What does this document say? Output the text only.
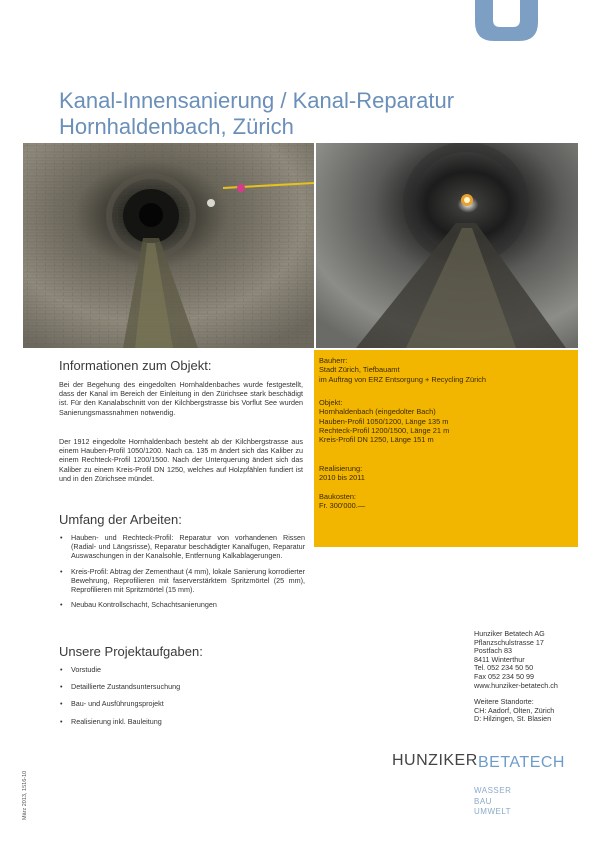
Kanal-Innensanierung / Kanal-Reparatur
Hornhaldenbach, Zürich
Bauherr:
Stadt Zürich, Tiefbauamt
im Auftrag von ERZ Entsorgung + Recycling Zürich
Objekt:
Hornhaldenbach (eingedolter Bach)
Hauben-Profil 1050/1200, Länge 135 m
Rechteck-Profil 1200/1500, Länge 21 m
Kreis-Profil DN 1250, Länge 151 m
Realisierung:
2010 bis 2011
Baukosten:
Fr. 300'000.—
Informationen zum Objekt:

Bei der Begehung des eingedolten Hornhaldenbaches wurde festgestellt, dass der Kanal im Bereich der Einleitung in den Zürichsee stark beschädigt ist. Für den Kanalabschnitt von der Kilchbergstrasse bis Vorflut See wurden Sanierungsmassnahmen notwendig.

Der 1912 eingedolte Hornhaldenbach besteht ab der Kilchbergstrasse aus einem Hauben-Profil 1050/1200. Nach ca. 135 m ändert sich das Kaliber zu einem Rechteck-Profil 1200/1500. Nach der Unterquerung ändert sich das Kaliber zu einem Kreis-Profil DN 1250, welches auf Holzpfählen fundiert ist und in den Zürichsee mündet.

Umfang der Arbeiten:
• Hauben- und Rechteck-Profil: Reparatur von vorhandenen Rissen (Radial- und Längsrisse), Reparatur beschädigter Kanalfugen, Reparatur Auswaschungen in der Kanalsohle, Entfernung Kalkablagerungen.
• Kreis-Profil: Abtrag der Zementhaut (4 mm), lokale Sanierung korrodierter Bewehrung, Reprofilieren mit faserverstärktem Spritzmörtel (25 mm), Reprofilieren mit Spritzmörtel (15 mm).
• Neubau Kontrollschacht, Schachtsanierungen
Unsere Projektaufgaben:
• Vorstudie
• Detaillierte Zustandsuntersuchung
• Bau- und Ausführungsprojekt
• Realisierung inkl. Bauleitung
Hunziker Betatech AG
Pflanzschulstrasse 17
Postfach 83
8411 Winterthur
Tel. 052 234 50 50
Fax 052 234 50 99
www.hunziker-betatech.ch
Weitere Standorte:
CH: Aadorf, Olten, Zürich
D: Hilzingen, St. Blasien
HUNZIKER BETATECH
WASSER
BAU
UMWELT
März 2013, 1516-10
